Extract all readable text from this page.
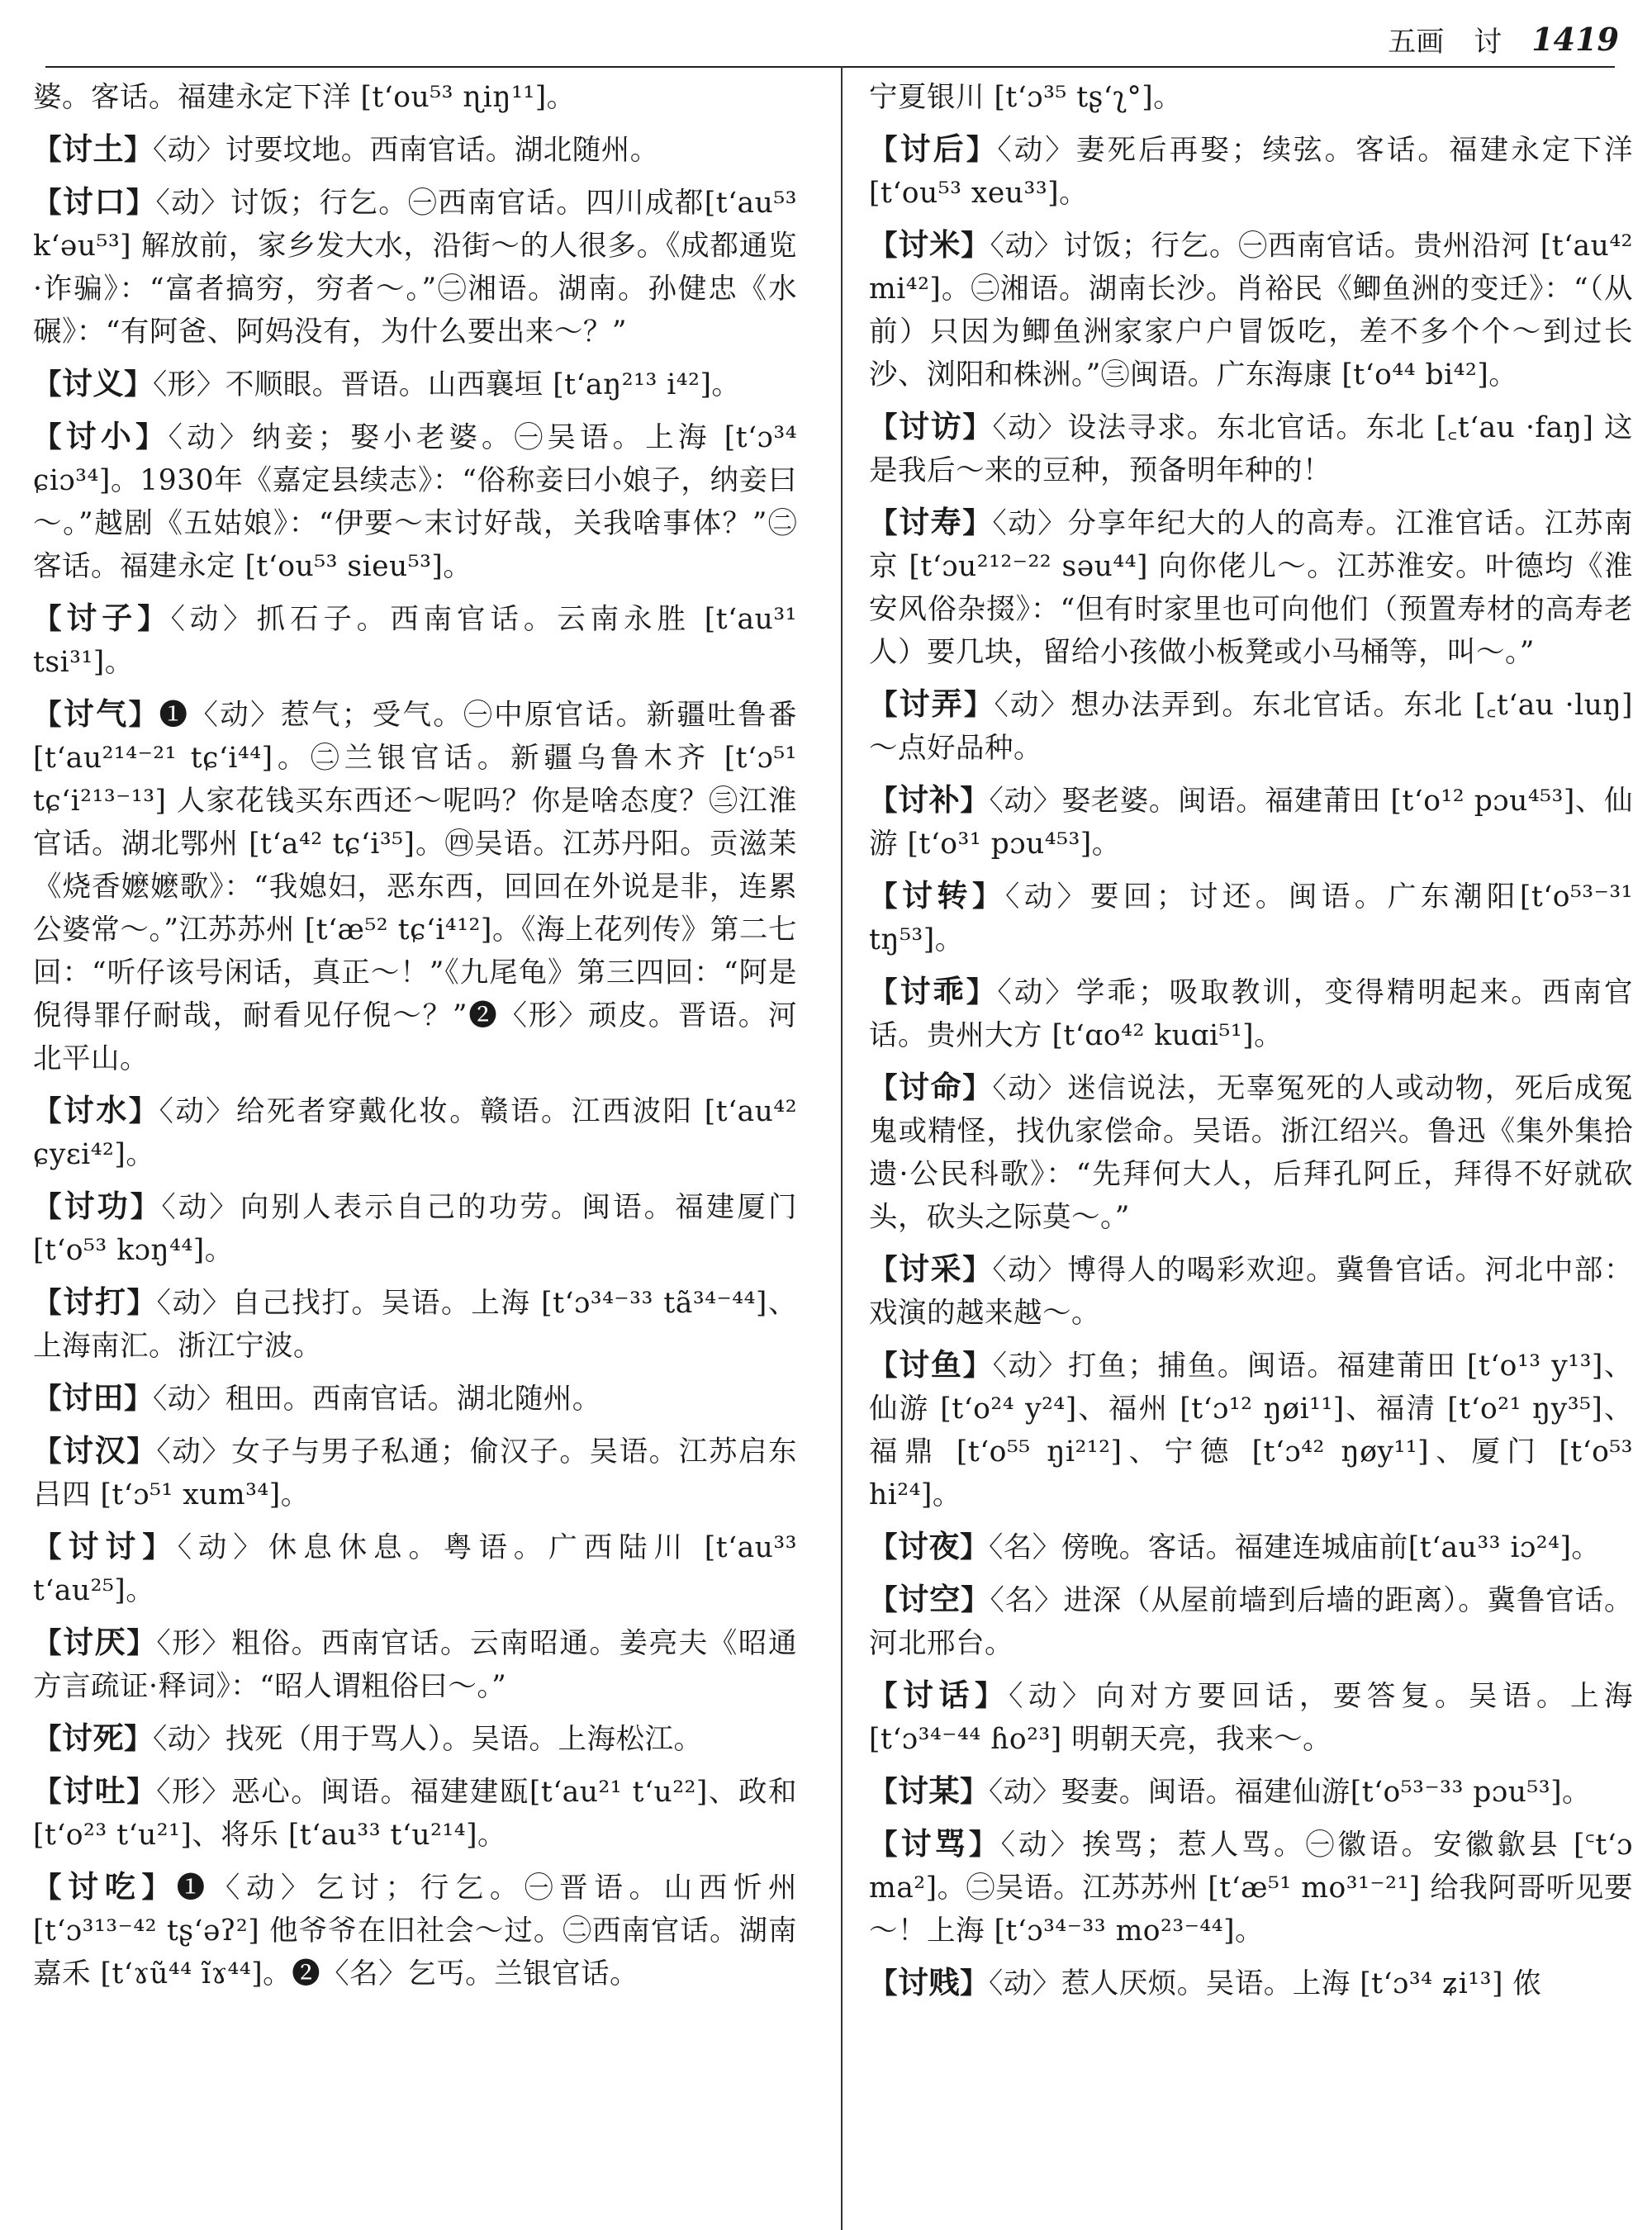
五画 讨 1419

婆。客话。福建永定下洋 [tʻou⁵³ ɳiŋ¹¹]。

【讨土】〈动〉讨要坟地。西南官话。湖北随州。

【讨口】〈动〉讨饭；行乞。㊀西南官话。四川成都[tʻau⁵³ kʻəu⁵³] 解放前，家乡发大水，沿街～的人很多。《成都通览·诈骗》：“富者搞穷，穷者～。”㊁湘语。湖南。孙健忠《水碾》：“有阿爸、阿妈没有，为什么要出来～？”

【讨义】〈形〉不顺眼。晋语。山西襄垣 [tʻaŋ²¹³ i⁴²]。

【讨小】〈动〉纳妾；娶小老婆。㊀吴语。上海 [tʻɔ³⁴ ɕiɔ³⁴]。1930年《嘉定县续志》：“俗称妾曰小娘子，纳妾曰～。”越剧《五姑娘》：“伊要～末讨好哉，关我啥事体？”㊁客话。福建永定 [tʻou⁵³ sieu⁵³]。

【讨子】〈动〉抓石子。西南官话。云南永胜 [tʻau³¹ tsi³¹]。

【讨气】❶〈动〉惹气；受气。㊀中原官话。新疆吐鲁番 [tʻau²¹⁴⁻²¹ tɕʻi⁴⁴]。㊁兰银官话。新疆乌鲁木齐 [tʻɔ⁵¹ tɕʻi²¹³⁻¹³] 人家花钱买东西还～呢吗？你是啥态度？㊂江淮官话。湖北鄂州 [tʻa⁴² tɕʻi³⁵]。㊃吴语。江苏丹阳。贡滋苿《烧香嬷嬷歌》：“我媳妇，恶东西，回回在外说是非，连累公婆常～。”江苏苏州 [tʻæ⁵² tɕʻi⁴¹²]。《海上花列传》第二七回：“听仔该号闲话，真正～！”《九尾龟》第三四回：“阿是倪得罪仔耐哉，耐看见仔倪～？”❷〈形〉顽皮。晋语。河北平山。

【讨水】〈动〉给死者穿戴化妆。赣语。江西波阳 [tʻau⁴² ɕyɛi⁴²]。

【讨功】〈动〉向别人表示自己的功劳。闽语。福建厦门 [tʻo⁵³ kɔŋ⁴⁴]。

【讨打】〈动〉自己找打。吴语。上海 [tʻɔ³⁴⁻³³ tã³⁴⁻⁴⁴]、上海南汇。浙江宁波。

【讨田】〈动〉租田。西南官话。湖北随州。

【讨汉】〈动〉女子与男子私通；偷汉子。吴语。江苏启东吕四 [tʻɔ⁵¹ xum³⁴]。

【讨讨】〈动〉休息休息。粤语。广西陆川 [tʻau³³ tʻau²⁵]。

【讨厌】〈形〉粗俗。西南官话。云南昭通。姜亮夫《昭通方言疏证·释词》：“昭人谓粗俗曰～。”

【讨死】〈动〉找死（用于骂人）。吴语。上海松江。

【讨吐】〈形〉恶心。闽语。福建建瓯[tʻau²¹ tʻu²²]、政和 [tʻo²³ tʻu²¹]、将乐 [tʻau³³ tʻu²¹⁴]。

【讨吃】❶〈动〉乞讨；行乞。㊀晋语。山西忻州 [tʻɔ³¹³⁻⁴² tʂʻəʔ²] 他爷爷在旧社会～过。㊁西南官话。湖南嘉禾 [tʻɤũ⁴⁴ ĩɤ⁴⁴]。❷〈名〉乞丐。兰银官话。

宁夏银川 [tʻɔ³⁵ tʂʻʅ°]。

【讨后】〈动〉妻死后再娶；续弦。客话。福建永定下洋 [tʻou⁵³ xeu³³]。

【讨米】〈动〉讨饭；行乞。㊀西南官话。贵州沿河 [tʻau⁴² mi⁴²]。㊁湘语。湖南长沙。肖裕民《鲫鱼洲的变迁》：“（从前）只因为鲫鱼洲家家户户冒饭吃，差不多个个～到过长沙、浏阳和株洲。”㊂闽语。广东海康 [tʻo⁴⁴ bi⁴²]。

【讨访】〈动〉设法寻求。东北官话。东北 [꜀tʻau ·faŋ] 这是我后～来的豆种，预备明年种的！

【讨寿】〈动〉分享年纪大的人的高寿。江淮官话。江苏南京 [tʻɔu²¹²⁻²² səu⁴⁴] 向你佬儿～。江苏淮安。叶德均《淮安风俗杂掇》：“但有时家里也可向他们（预置寿材的高寿老人）要几块，留给小孩做小板凳或小马桶等，叫～。”

【讨弄】〈动〉想办法弄到。东北官话。东北 [꜀tʻau ·luŋ] ～点好品种。

【讨补】〈动〉娶老婆。闽语。福建莆田 [tʻo¹² pɔu⁴⁵³]、仙游 [tʻo³¹ pɔu⁴⁵³]。

【讨转】〈动〉要回；讨还。闽语。广东潮阳[tʻo⁵³⁻³¹ tŋ⁵³]。

【讨乖】〈动〉学乖；吸取教训，变得精明起来。西南官话。贵州大方 [tʻɑo⁴² kuɑi⁵¹]。

【讨命】〈动〉迷信说法，无辜冤死的人或动物，死后成冤鬼或精怪，找仇家偿命。吴语。浙江绍兴。鲁迅《集外集拾遗·公民科歌》：“先拜何大人，后拜孔阿丘，拜得不好就砍头，砍头之际莫～。”

【讨采】〈动〉博得人的喝彩欢迎。冀鲁官话。河北中部：戏演的越来越～。

【讨鱼】〈动〉打鱼；捕鱼。闽语。福建莆田 [tʻo¹³ y¹³]、仙游 [tʻo²⁴ y²⁴]、福州 [tʻɔ¹² ŋøi¹¹]、福清 [tʻo²¹ ŋy³⁵]、福鼎 [tʻo⁵⁵ ŋi²¹²]、宁德 [tʻɔ⁴² ŋøy¹¹]、厦门 [tʻo⁵³ hi²⁴]。

【讨夜】〈名〉傍晚。客话。福建连城庙前[tʻau³³ iɔ²⁴]。

【讨空】〈名〉进深（从屋前墙到后墙的距离）。冀鲁官话。河北邢台。

【讨话】〈动〉向对方要回话，要答复。吴语。上海 [tʻɔ³⁴⁻⁴⁴ ɦo²³] 明朝天亮，我来～。

【讨某】〈动〉娶妻。闽语。福建仙游[tʻo⁵³⁻³³ pɔu⁵³]。

【讨骂】〈动〉挨骂；惹人骂。㊀徽语。安徽歙县 [꜂tʻɔ ma²]。㊁吴语。江苏苏州 [tʻæ⁵¹ mo³¹⁻²¹] 给我阿哥听见要～！上海 [tʻɔ³⁴⁻³³ mo²³⁻⁴⁴]。

【讨贱】〈动〉惹人厌烦。吴语。上海 [tʻɔ³⁴ ʑi¹³] 侬
